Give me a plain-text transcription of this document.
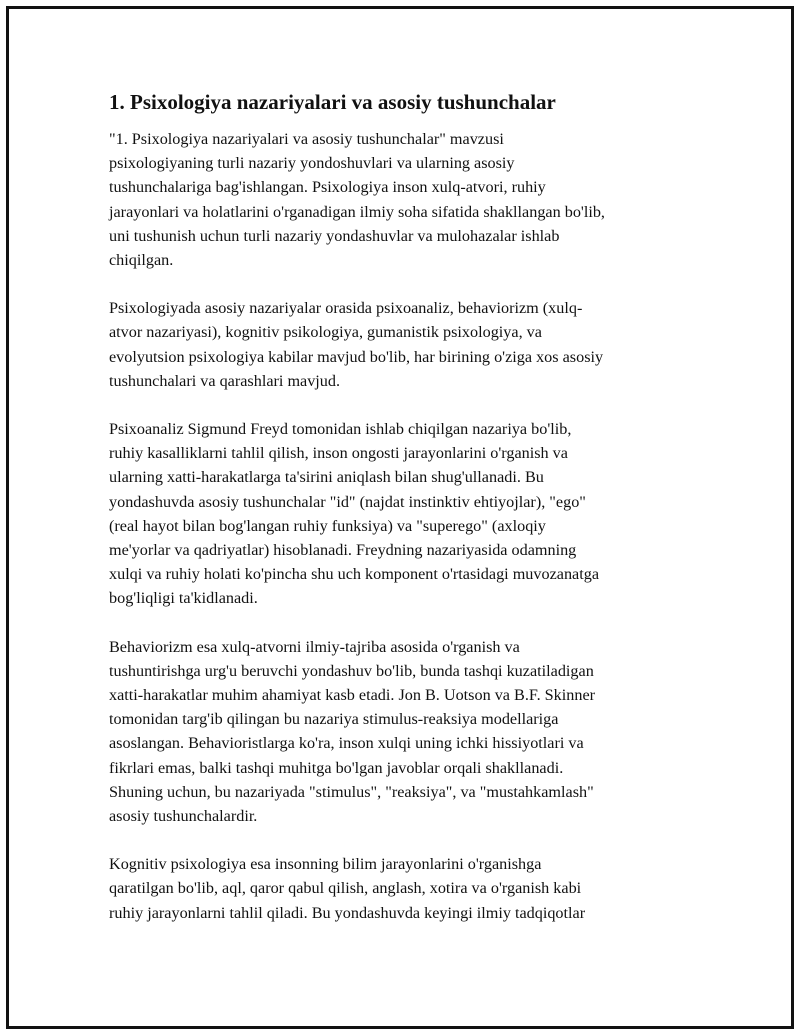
1. Psixologiya nazariyalari va asosiy tushunchalar

"1. Psixologiya nazariyalari va asosiy tushunchalar" mavzusi
psixologiyaning turli nazariy yondoshuvlari va ularning asosiy
tushunchalariga bag'ishlangan. Psixologiya inson xulq-atvori, ruhiy
jarayonlari va holatlarini o'rganadigan ilmiy soha sifatida shakllangan bo'lib,
uni tushunish uchun turli nazariy yondashuvlar va mulohazalar ishlab
chiqilgan.

Psixologiyada asosiy nazariyalar orasida psixoanaliz, behaviorizm (xulq-
atvor nazariyasi), kognitiv psikologiya, gumanistik psixologiya, va
evolyutsion psixologiya kabilar mavjud bo'lib, har birining o'ziga xos asosiy
tushunchalari va qarashlari mavjud.

Psixoanaliz Sigmund Freyd tomonidan ishlab chiqilgan nazariya bo'lib,
ruhiy kasalliklarni tahlil qilish, inson ongosti jarayonlarini o'rganish va
ularning xatti-harakatlarga ta'sirini aniqlash bilan shug'ullanadi. Bu
yondashuvda asosiy tushunchalar "id" (najdat instinktiv ehtiyojlar), "ego"
(real hayot bilan bog'langan ruhiy funksiya) va "superego" (axloqiy
me'yorlar va qadriyatlar) hisoblanadi. Freydning nazariyasida odamning
xulqi va ruhiy holati ko'pincha shu uch komponent o'rtasidagi muvozanatga
bog'liqligi ta'kidlanadi.

Behaviorizm esa xulq-atvorni ilmiy-tajriba asosida o'rganish va
tushuntirishga urg'u beruvchi yondashuv bo'lib, bunda tashqi kuzatiladigan
xatti-harakatlar muhim ahamiyat kasb etadi. Jon B. Uotson va B.F. Skinner
tomonidan targ'ib qilingan bu nazariya stimulus-reaksiya modellariga
asoslangan. Behavioristlarga ko'ra, inson xulqi uning ichki hissiyotlari va
fikrlari emas, balki tashqi muhitga bo'lgan javoblar orqali shakllanadi.
Shuning uchun, bu nazariyada "stimulus", "reaksiya", va "mustahkamlash"
asosiy tushunchalardir.

Kognitiv psixologiya esa insonning bilim jarayonlarini o'rganishga
qaratilgan bo'lib, aql, qaror qabul qilish, anglash, xotira va o'rganish kabi
ruhiy jarayonlarni tahlil qiladi. Bu yondashuvda keyingi ilmiy tadqiqotlar
